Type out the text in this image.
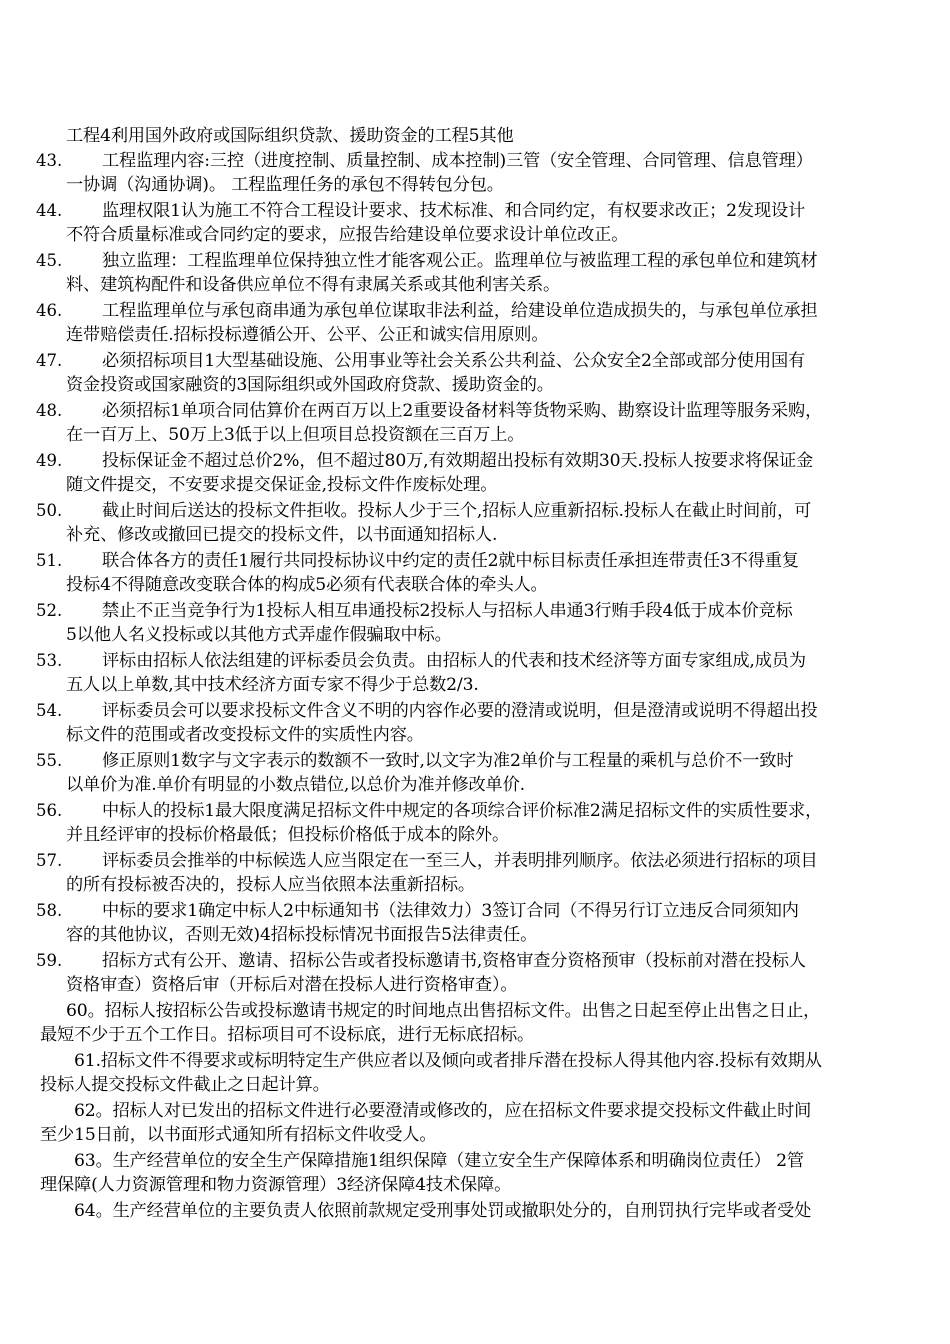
工程4利用国外政府或国际组织贷款、援助资金的工程5其他
43. 工程监理内容:三控（进度控制、质量控制、成本控制)三管（安全管理、合同管理、信息管理）
一协调（沟通协调)。 工程监理任务的承包不得转包分包。
44. 监理权限1认为施工不符合工程设计要求、技术标准、和合同约定，有权要求改正；2发现设计
不符合质量标准或合同约定的要求，应报告给建设单位要求设计单位改正。
45. 独立监理：工程监理单位保持独立性才能客观公正。监理单位与被监理工程的承包单位和建筑材
料、建筑构配件和设备供应单位不得有隶属关系或其他利害关系。
46. 工程监理单位与承包商串通为承包单位谋取非法利益，给建设单位造成损失的，与承包单位承担
连带赔偿责任.招标投标遵循公开、公平、公正和诚实信用原则。
47. 必须招标项目1大型基础设施、公用事业等社会关系公共利益、公众安全2全部或部分使用国有
资金投资或国家融资的3国际组织或外国政府贷款、援助资金的。
48. 必须招标1单项合同估算价在两百万以上2重要设备材料等货物采购、勘察设计监理等服务采购，
在一百万上、50万上3低于以上但项目总投资额在三百万上。
49. 投标保证金不超过总价2%，但不超过80万,有效期超出投标有效期30天.投标人按要求将保证金
随文件提交，不安要求提交保证金,投标文件作废标处理。
50. 截止时间后送达的投标文件拒收。投标人少于三个,招标人应重新招标.投标人在截止时间前，可
补充、修改或撤回已提交的投标文件，以书面通知招标人.
51. 联合体各方的责任1履行共同投标协议中约定的责任2就中标目标责任承担连带责任3不得重复
投标4不得随意改变联合体的构成5必须有代表联合体的牵头人。
52. 禁止不正当竞争行为1投标人相互串通投标2投标人与招标人串通3行贿手段4低于成本价竞标
5以他人名义投标或以其他方式弄虚作假骗取中标。
53. 评标由招标人依法组建的评标委员会负责。由招标人的代表和技术经济等方面专家组成,成员为
五人以上单数,其中技术经济方面专家不得少于总数2/3.
54. 评标委员会可以要求投标文件含义不明的内容作必要的澄清或说明，但是澄清或说明不得超出投
标文件的范围或者改变投标文件的实质性内容。
55. 修正原则1数字与文字表示的数额不一致时,以文字为准2单价与工程量的乘机与总价不一致时
以单价为准.单价有明显的小数点错位,以总价为准并修改单价.
56. 中标人的投标1最大限度满足招标文件中规定的各项综合评价标准2满足招标文件的实质性要求，
并且经评审的投标价格最低；但投标价格低于成本的除外。
57. 评标委员会推举的中标候选人应当限定在一至三人，并表明排列顺序。依法必须进行招标的项目
的所有投标被否决的，投标人应当依照本法重新招标。
58. 中标的要求1确定中标人2中标通知书（法律效力）3签订合同（不得另行订立违反合同须知内
容的其他协议，否则无效)4招标投标情况书面报告5法律责任。
59. 招标方式有公开、邀请、招标公告或者投标邀请书,资格审查分资格预审（投标前对潜在投标人
资格审查）资格后审（开标后对潜在投标人进行资格审查）。
60。招标人按招标公告或投标邀请书规定的时间地点出售招标文件。出售之日起至停止出售之日止，
最短不少于五个工作日。招标项目可不设标底，进行无标底招标。
61.招标文件不得要求或标明特定生产供应者以及倾向或者排斥潜在投标人得其他内容.投标有效期从
投标人提交投标文件截止之日起计算。
62。招标人对已发出的招标文件进行必要澄清或修改的，应在招标文件要求提交投标文件截止时间
至少15日前，以书面形式通知所有招标文件收受人。
63。生产经营单位的安全生产保障措施1组织保障（建立安全生产保障体系和明确岗位责任） 2管
理保障(人力资源管理和物力资源管理）3经济保障4技术保障。
64。生产经营单位的主要负责人依照前款规定受刑事处罚或撤职处分的，自刑罚执行完毕或者受处
